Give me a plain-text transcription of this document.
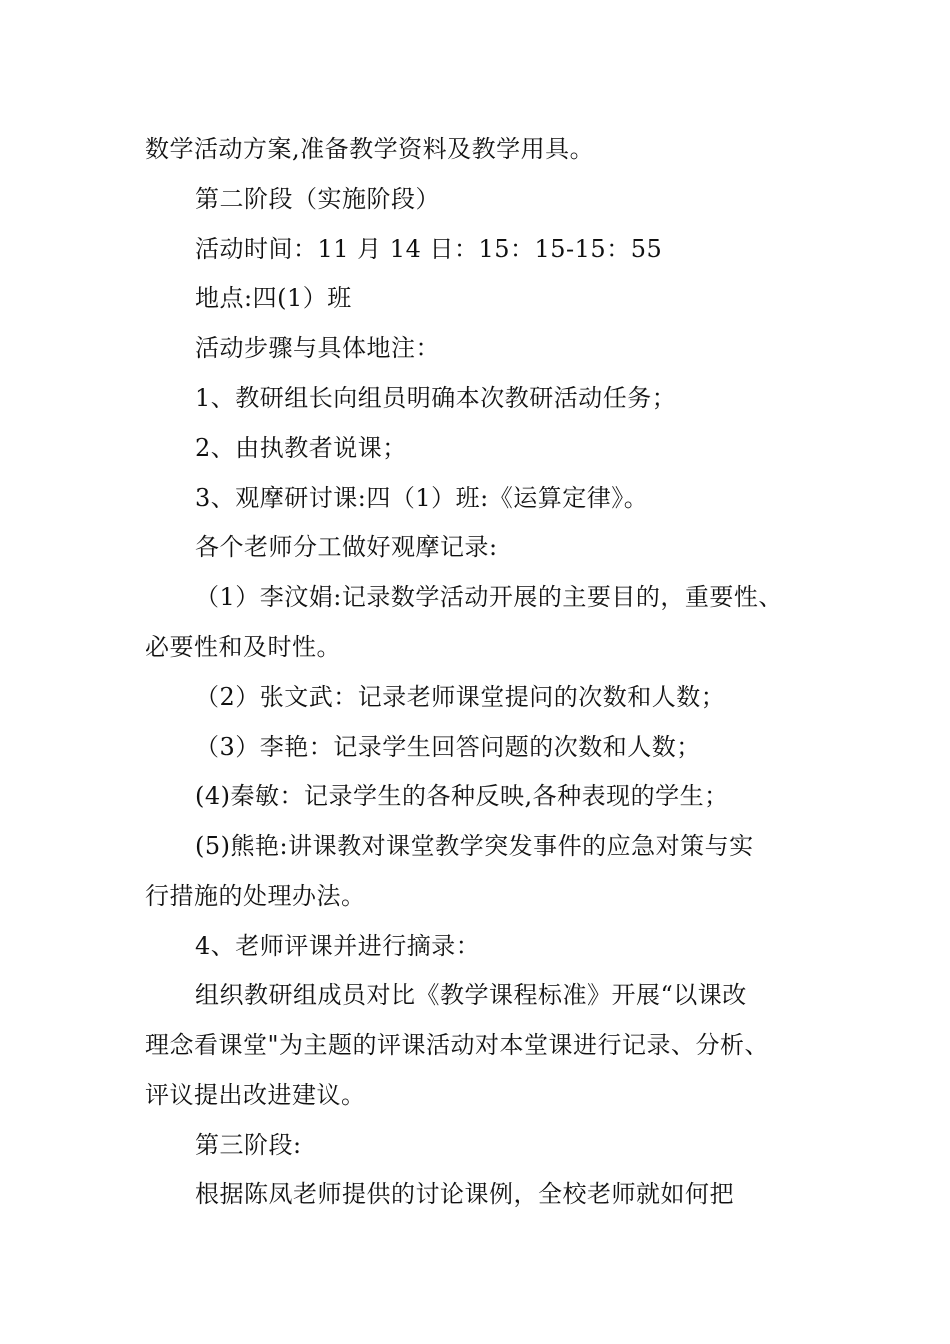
数学活动方案,准备教学资料及教学用具。
第二阶段（实施阶段）
活动时间：11 月 14 日：15：15-15：55
地点:四(1）班
活动步骤与具体地注：
1、教研组长向组员明确本次教研活动任务；
2、由执教者说课；
3、观摩研讨课:四（1）班:《运算定律》。
各个老师分工做好观摩记录:
（1）李汶娟:记录数学活动开展的主要目的，重要性、
必要性和及时性。
（2）张文武：记录老师课堂提问的次数和人数；
（3）李艳：记录学生回答问题的次数和人数；
(4)秦敏：记录学生的各种反映,各种表现的学生；
(5)熊艳:讲课教对课堂教学突发事件的应急对策与实
行措施的处理办法。
4、老师评课并进行摘录：
组织教研组成员对比《教学课程标准》开展“以课改
理念看课堂"为主题的评课活动对本堂课进行记录、分析、
评议提出改进建议。
第三阶段:
根据陈凤老师提供的讨论课例，全校老师就如何把
